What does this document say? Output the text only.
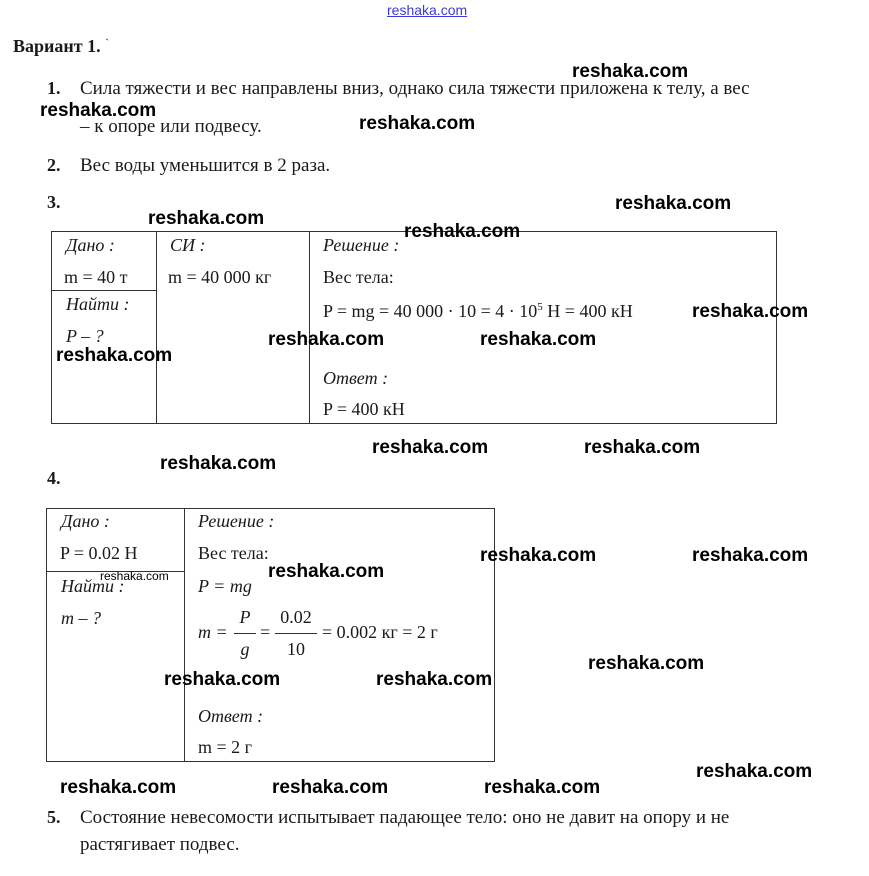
reshaka.com
Вариант 1. `
1. Сила тяжести и вес направлены вниз, однако сила тяжести приложена к телу, а вес
– к опоре или подвесу.
2. Вес воды уменьшится в 2 раза.
3.
Дано :
m = 40 т
Найти :
P – ?
СИ :
m = 40 000 кг
Решение :
Вес тела:
P = mg = 40 $000 \cdot 10 = 4 \cdot 10^5$ Н = 400 кН
Ответ :
P = 400 кН
4.
Дано :
P = 0.02 Н
Найти :
m – ?
Решение :
Вес тела:
P = mg
m =
P
g
=
0.02
10
= 0.002 кг = 2 г
Ответ :
m = 2 г
5. Состояние невесомости испытывает падающее тело: оно не давит на опору и не
растягивает подвес.
reshaka.com
reshaka.com
reshaka.com
reshaka.com
reshaka.com
reshaka.com
reshaka.com
reshaka.com	reshaka.com
reshaka.com
reshaka.com	reshaka.com
reshaka.com
reshaka.com	reshaka.com
reshaka.com
reshaka.com
reshaka.com
reshaka.com	reshaka.com
reshaka.com
reshaka.com	reshaka.com	reshaka.com
